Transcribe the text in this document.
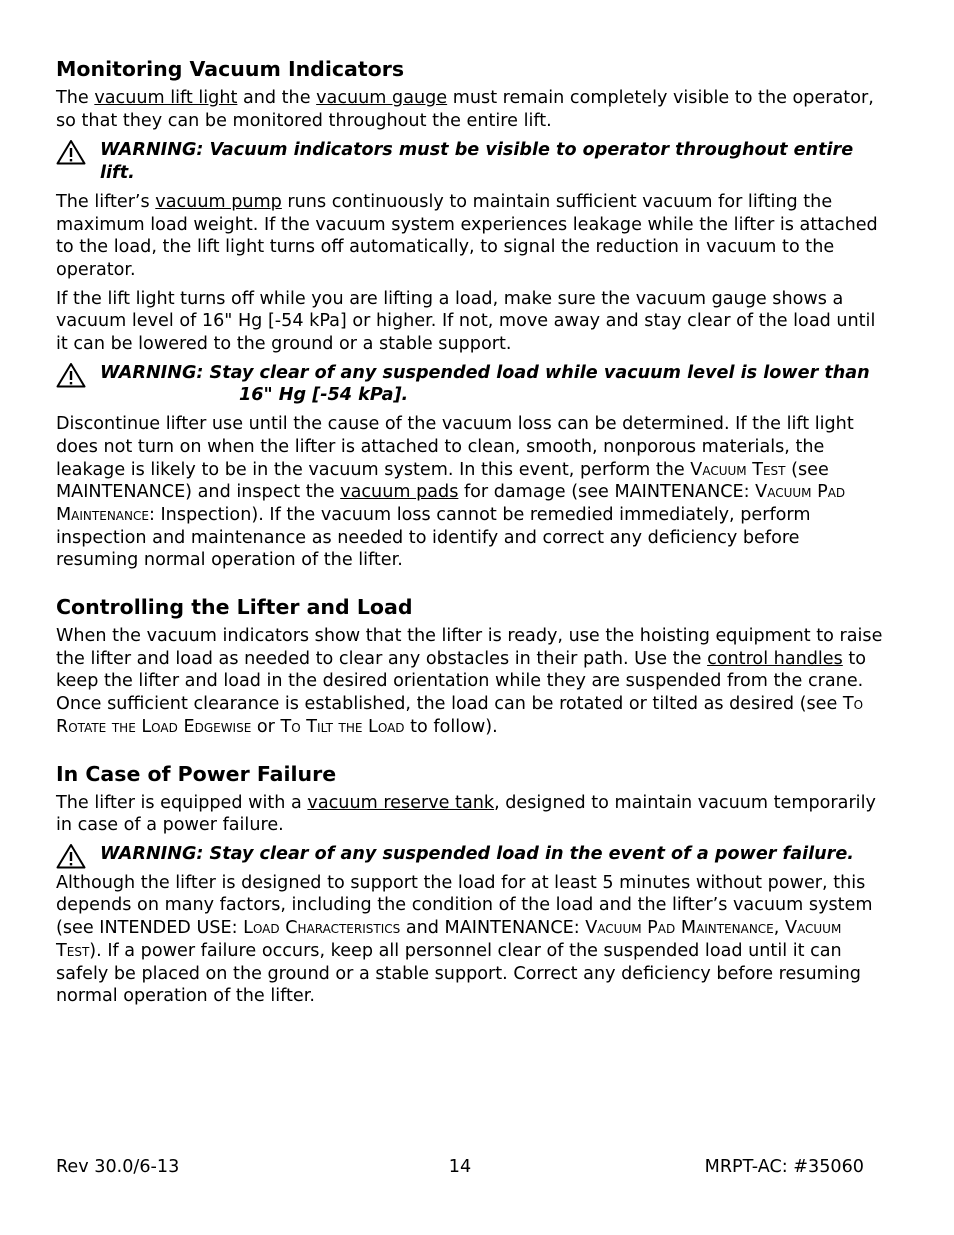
Monitoring Vacuum Indicators

The vacuum lift light and the vacuum gauge must remain completely visible to the operator, so that they can be monitored throughout the entire lift.

WARNING: Vacuum indicators must be visible to operator throughout entire lift.

The lifter’s vacuum pump runs continuously to maintain sufficient vacuum for lifting the maximum load weight. If the vacuum system experiences leakage while the lifter is attached to the load, the lift light turns off automatically, to signal the reduction in vacuum to the operator.

If the lift light turns off while you are lifting a load, make sure the vacuum gauge shows a vacuum level of 16" Hg [-54 kPa] or higher. If not, move away and stay clear of the load until it can be lowered to the ground or a stable support.

WARNING: Stay clear of any suspended load while vacuum level is lower than
16" Hg [-54 kPa].

Discontinue lifter use until the cause of the vacuum loss can be determined. If the lift light does not turn on when the lifter is attached to clean, smooth, nonporous materials, the leakage is likely to be in the vacuum system. In this event, perform the Vacuum Test (see MAINTENANCE) and inspect the vacuum pads for damage (see MAINTENANCE: Vacuum Pad Maintenance: Inspection). If the vacuum loss cannot be remedied immediately, perform inspection and maintenance as needed to identify and correct any deficiency before resuming normal operation of the lifter.

Controlling the Lifter and Load

When the vacuum indicators show that the lifter is ready, use the hoisting equipment to raise the lifter and load as needed to clear any obstacles in their path. Use the control handles to keep the lifter and load in the desired orientation while they are suspended from the crane. Once sufficient clearance is established, the load can be rotated or tilted as desired (see To Rotate the Load Edgewise or To Tilt the Load to follow).

In Case of Power Failure

The lifter is equipped with a vacuum reserve tank, designed to maintain vacuum temporarily in case of a power failure.

WARNING: Stay clear of any suspended load in the event of a power failure.

Although the lifter is designed to support the load for at least 5 minutes without power, this depends on many factors, including the condition of the load and the lifter’s vacuum system (see INTENDED USE: Load Characteristics and MAINTENANCE: Vacuum Pad Maintenance, Vacuum Test). If a power failure occurs, keep all personnel clear of the suspended load until it can safely be placed on the ground or a stable support. Correct any deficiency before resuming normal operation of the lifter.

Rev 30.0/6-13	14	MRPT-AC: #35060
